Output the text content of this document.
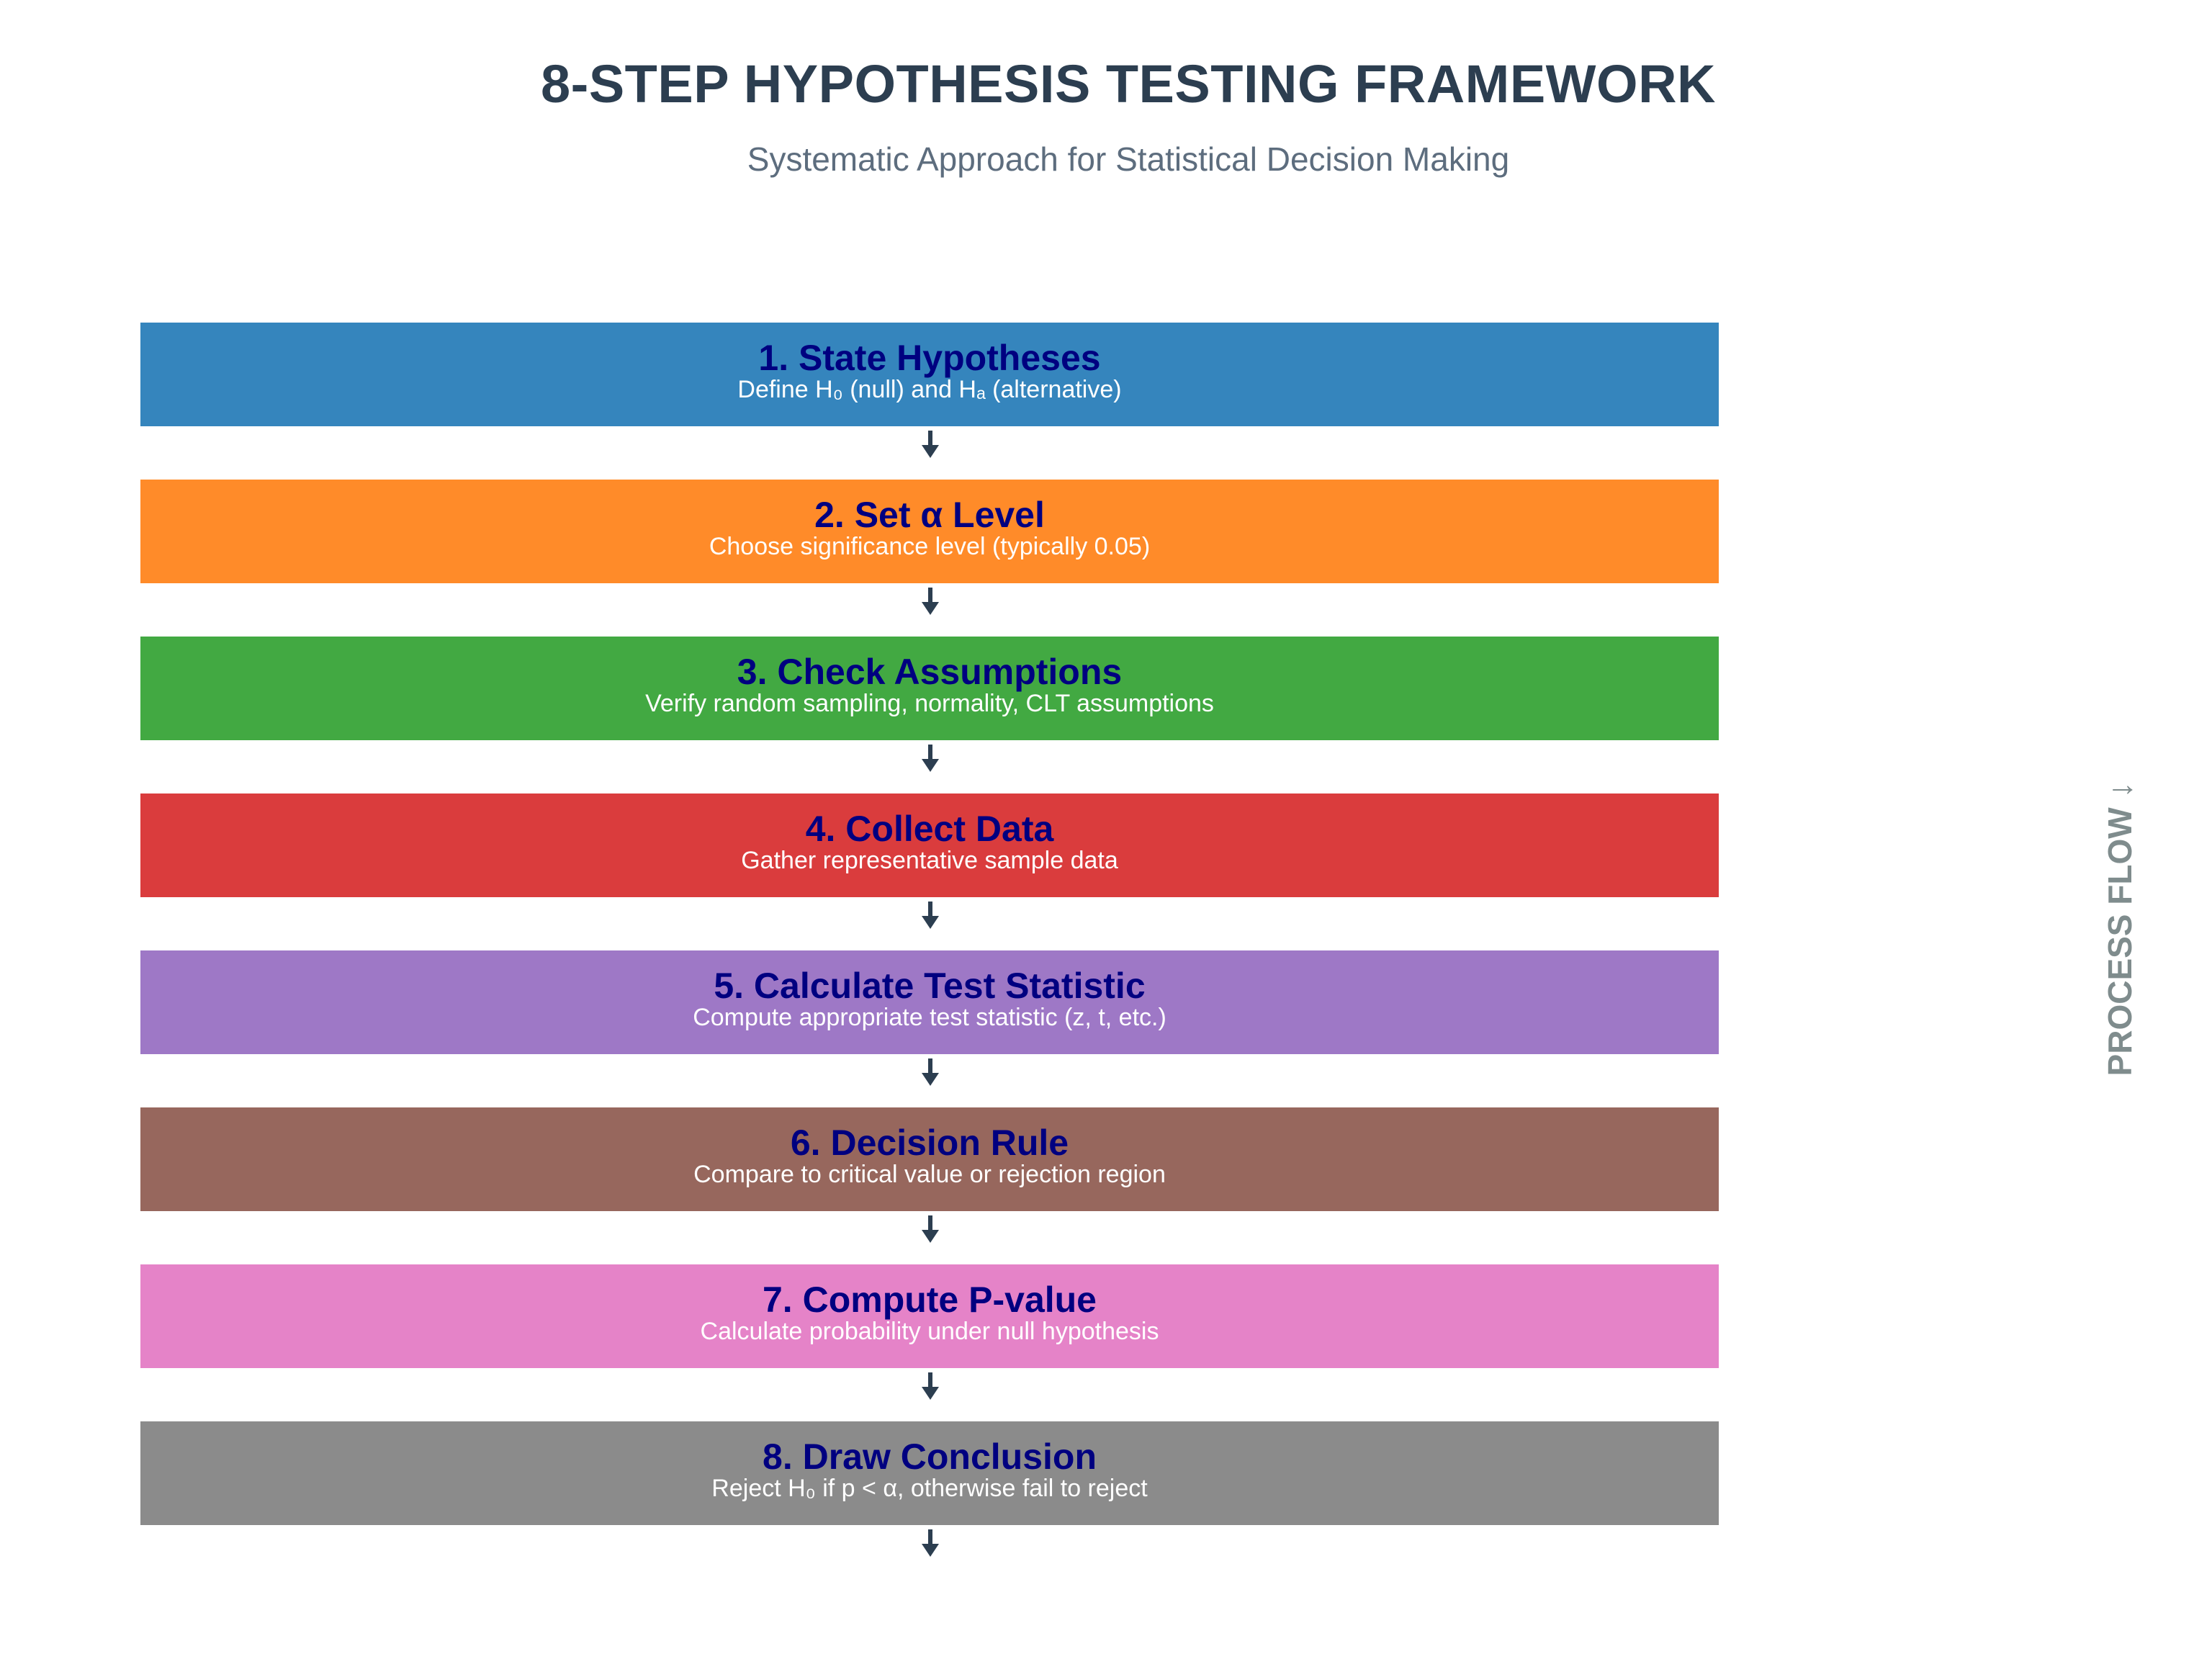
8-STEP HYPOTHESIS TESTING FRAMEWORK
Systematic Approach for Statistical Decision Making
1. State Hypotheses
Define H₀ (null) and Hₐ (alternative)
2. Set α Level
Choose significance level (typically 0.05)
3. Check Assumptions
Verify random sampling, normality, CLT assumptions
4. Collect Data
Gather representative sample data
5. Calculate Test Statistic
Compute appropriate test statistic (z, t, etc.)
6. Decision Rule
Compare to critical value or rejection region
7. Compute P-value
Calculate probability under null hypothesis
8. Draw Conclusion
Reject H₀ if p < α, otherwise fail to reject
PROCESS FLOW ↓
